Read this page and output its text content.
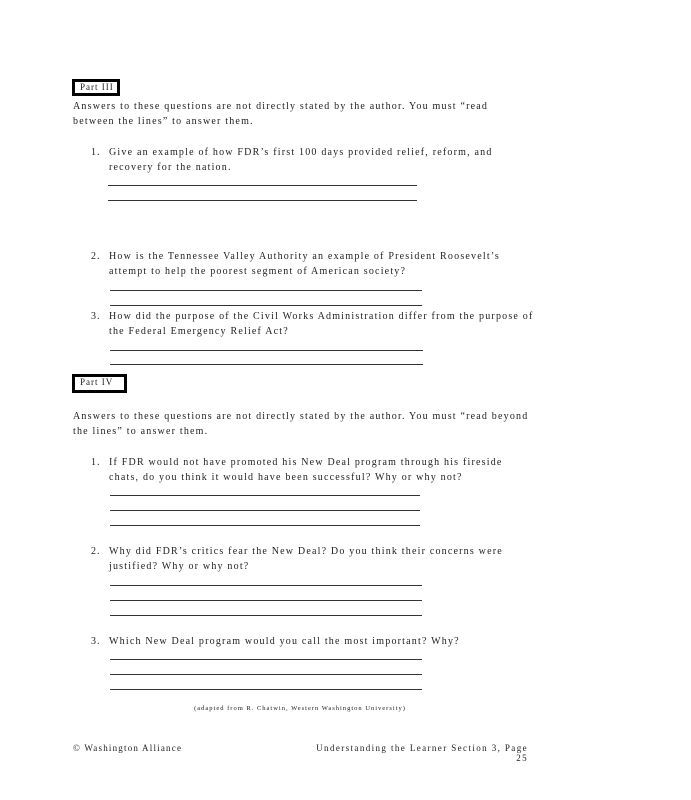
Part III
Answers to these questions are not directly stated by the author. You must “read between the lines” to answer them.
1. Give an example of how FDR’s first 100 days provided relief, reform, and recovery for the nation.
2. How is the Tennessee Valley Authority an example of President Roosevelt’s attempt to help the poorest segment of American society?
3. How did the purpose of the Civil Works Administration differ from the purpose of the Federal Emergency Relief Act?
Part IV
Answers to these questions are not directly stated by the author. You must “read beyond the lines” to answer them.
1. If FDR would not have promoted his New Deal program through his fireside chats, do you think it would have been successful? Why or why not?
2. Why did FDR’s critics fear the New Deal? Do you think their concerns were justified? Why or why not?
3. Which New Deal program would you call the most important? Why?
(adapted from R. Chatwin, Western Washington University)
© Washington Alliance	Understanding the Learner Section 3, Page 25
